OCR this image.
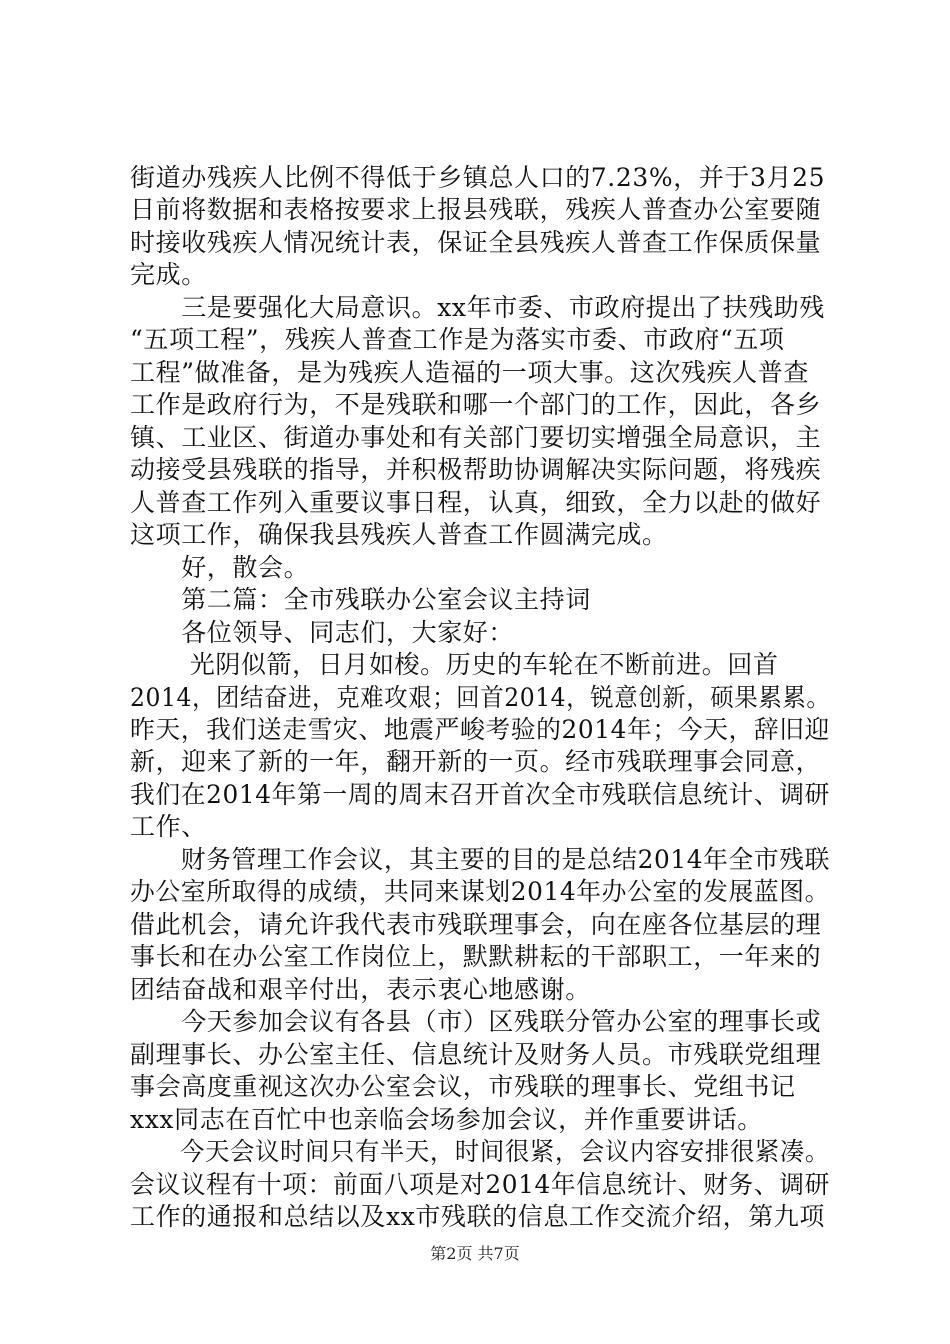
街道办残疾人比例不得低于乡镇总人口的7.23%，并于3月25
日前将数据和表格按要求上报县残联，残疾人普查办公室要随
时接收残疾人情况统计表，保证全县残疾人普查工作保质保量
完成。
　　三是要强化大局意识。xx年市委、市政府提出了扶残助残
“五项工程”，残疾人普查工作是为落实市委、市政府“五项
工程”做准备，是为残疾人造福的一项大事。这次残疾人普查
工作是政府行为，不是残联和哪一个部门的工作，因此，各乡
镇、工业区、街道办事处和有关部门要切实增强全局意识，主
动接受县残联的指导，并积极帮助协调解决实际问题，将残疾
人普查工作列入重要议事日程，认真，细致，全力以赴的做好
这项工作，确保我县残疾人普查工作圆满完成。
　　好，散会。
　　第二篇：全市残联办公室会议主持词
　　各位领导、同志们，大家好：
　　 光阴似箭，日月如梭。历史的车轮在不断前进。回首
2014，团结奋进，克难攻艰；回首2014，锐意创新，硕果累累。
昨天，我们送走雪灾、地震严峻考验的2014年；今天，辞旧迎
新，迎来了新的一年，翻开新的一页。经市残联理事会同意，
我们在2014年第一周的周末召开首次全市残联信息统计、调研
工作、
　　财务管理工作会议，其主要的目的是总结2014年全市残联
办公室所取得的成绩，共同来谋划2014年办公室的发展蓝图。
借此机会，请允许我代表市残联理事会，向在座各位基层的理
事长和在办公室工作岗位上，默默耕耘的干部职工，一年来的
团结奋战和艰辛付出，表示衷心地感谢。
　　今天参加会议有各县（市）区残联分管办公室的理事长或
副理事长、办公室主任、信息统计及财务人员。市残联党组理
事会高度重视这次办公室会议，市残联的理事长、党组书记
xxx同志在百忙中也亲临会场参加会议，并作重要讲话。
　　今天会议时间只有半天，时间很紧，会议内容安排很紧凑。
会议议程有十项：前面八项是对2014年信息统计、财务、调研
工作的通报和总结以及xx市残联的信息工作交流介绍，第九项
第2页 共7页
